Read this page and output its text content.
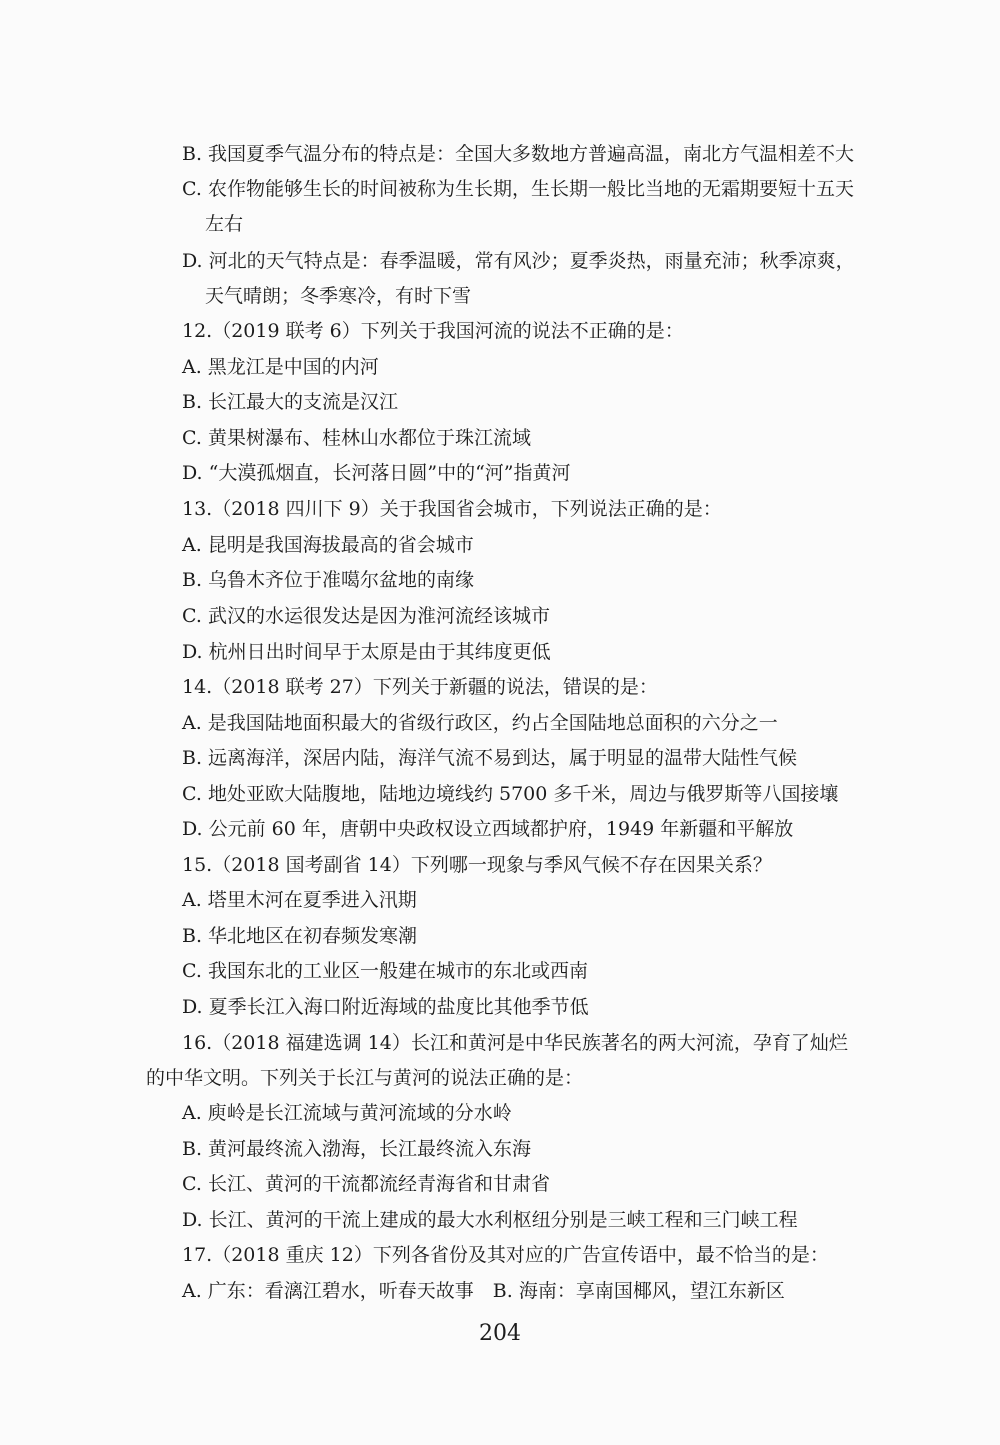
B. 我国夏季气温分布的特点是：全国大多数地方普遍高温，南北方气温相差不大
C. 农作物能够生长的时间被称为生长期，生长期一般比当地的无霜期要短十五天
左右
D. 河北的天气特点是：春季温暖，常有风沙；夏季炎热，雨量充沛；秋季凉爽，
天气晴朗；冬季寒冷，有时下雪
12.（2019 联考 6）下列关于我国河流的说法不正确的是：
A. 黑龙江是中国的内河
B. 长江最大的支流是汉江
C. 黄果树瀑布、桂林山水都位于珠江流域
D. “大漠孤烟直，长河落日圆”中的“河”指黄河
13.（2018 四川下 9）关于我国省会城市，下列说法正确的是：
A. 昆明是我国海拔最高的省会城市
B. 乌鲁木齐位于准噶尔盆地的南缘
C. 武汉的水运很发达是因为淮河流经该城市
D. 杭州日出时间早于太原是由于其纬度更低
14.（2018 联考 27）下列关于新疆的说法，错误的是：
A. 是我国陆地面积最大的省级行政区，约占全国陆地总面积的六分之一
B. 远离海洋，深居内陆，海洋气流不易到达，属于明显的温带大陆性气候
C. 地处亚欧大陆腹地，陆地边境线约 5700 多千米，周边与俄罗斯等八国接壤
D. 公元前 60 年，唐朝中央政权设立西域都护府，1949 年新疆和平解放
15.（2018 国考副省 14）下列哪一现象与季风气候不存在因果关系？
A. 塔里木河在夏季进入汛期
B. 华北地区在初春频发寒潮
C. 我国东北的工业区一般建在城市的东北或西南
D. 夏季长江入海口附近海域的盐度比其他季节低
16.（2018 福建选调 14）长江和黄河是中华民族著名的两大河流，孕育了灿烂
的中华文明。下列关于长江与黄河的说法正确的是：
A. 庾岭是长江流域与黄河流域的分水岭
B. 黄河最终流入渤海，长江最终流入东海
C. 长江、黄河的干流都流经青海省和甘肃省
D. 长江、黄河的干流上建成的最大水利枢纽分别是三峡工程和三门峡工程
17.（2018 重庆 12）下列各省份及其对应的广告宣传语中，最不恰当的是：
A. 广东：看漓江碧水，听春天故事　B. 海南：享南国椰风，望江东新区
204
